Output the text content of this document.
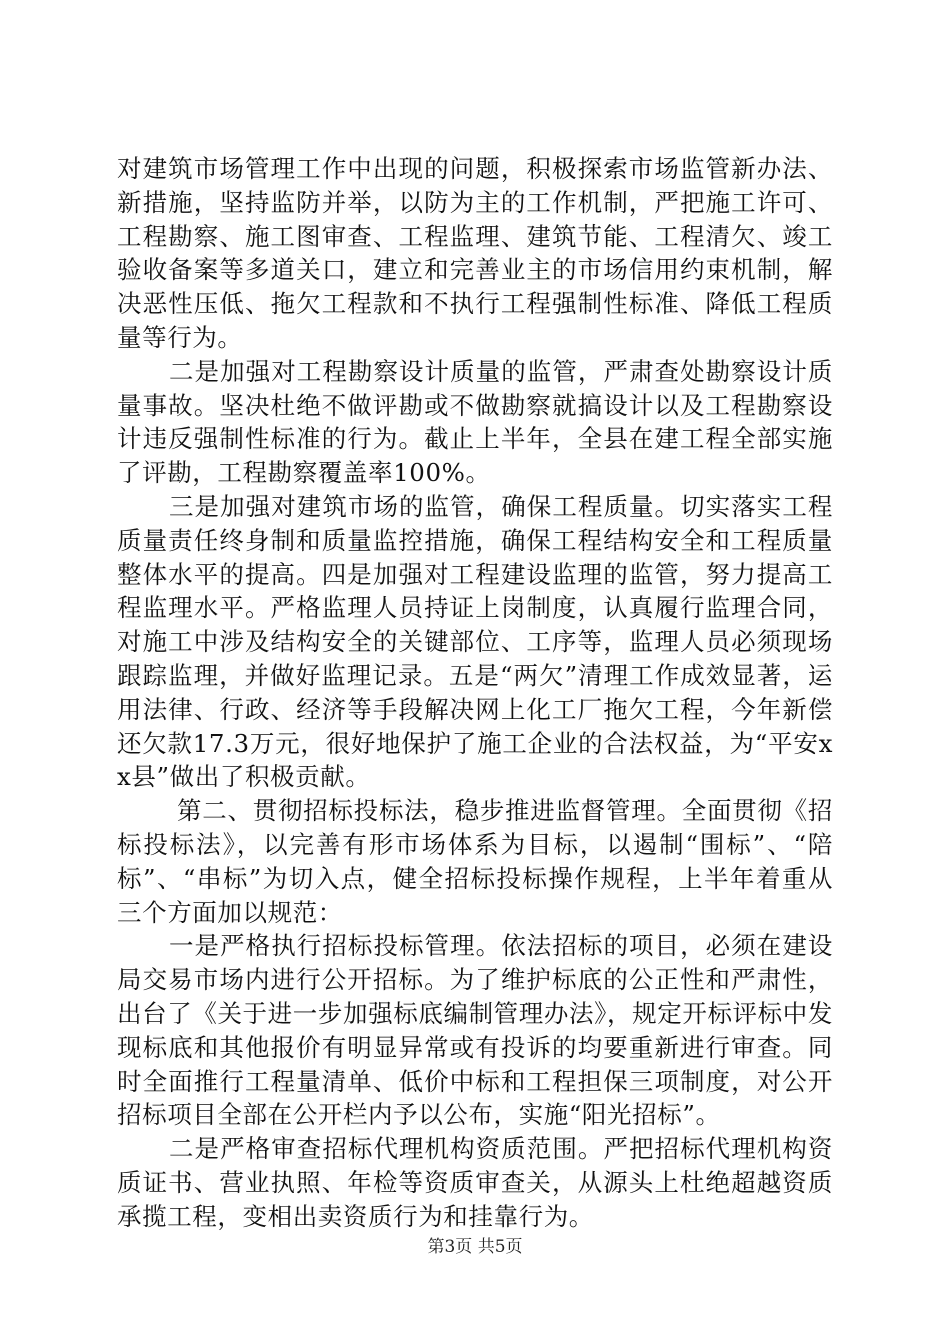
对建筑市场管理工作中出现的问题，积极探索市场监管新办法、新措施，坚持监防并举，以防为主的工作机制，严把施工许可、工程勘察、施工图审查、工程监理、建筑节能、工程清欠、竣工验收备案等多道关口，建立和完善业主的市场信用约束机制，解决恶性压低、拖欠工程款和不执行工程强制性标准、降低工程质量等行为。

二是加强对工程勘察设计质量的监管，严肃查处勘察设计质量事故。坚决杜绝不做评勘或不做勘察就搞设计以及工程勘察设计违反强制性标准的行为。截止上半年，全县在建工程全部实施了评勘，工程勘察覆盖率100%。

三是加强对建筑市场的监管，确保工程质量。切实落实工程质量责任终身制和质量监控措施，确保工程结构安全和工程质量整体水平的提高。四是加强对工程建设监理的监管，努力提高工程监理水平。严格监理人员持证上岗制度，认真履行监理合同，对施工中涉及结构安全的关键部位、工序等，监理人员必须现场跟踪监理，并做好监理记录。五是“两欠”清理工作成效显著，运用法律、行政、经济等手段解决网上化工厂拖欠工程，今年新偿还欠款17.3万元，很好地保护了施工企业的合法权益，为“平安xx县”做出了积极贡献。

第二、贯彻招标投标法，稳步推进监督管理。全面贯彻《招标投标法》，以完善有形市场体系为目标，以遏制“围标”、“陪标”、“串标”为切入点，健全招标投标操作规程，上半年着重从三个方面加以规范：

一是严格执行招标投标管理。依法招标的项目，必须在建设局交易市场内进行公开招标。为了维护标底的公正性和严肃性，出台了《关于进一步加强标底编制管理办法》，规定开标评标中发现标底和其他报价有明显异常或有投诉的均要重新进行审查。同时全面推行工程量清单、低价中标和工程担保三项制度，对公开招标项目全部在公开栏内予以公布，实施“阳光招标”。

二是严格审查招标代理机构资质范围。严把招标代理机构资质证书、营业执照、年检等资质审查关，从源头上杜绝超越资质承揽工程，变相出卖资质行为和挂靠行为。

第3页 共5页
